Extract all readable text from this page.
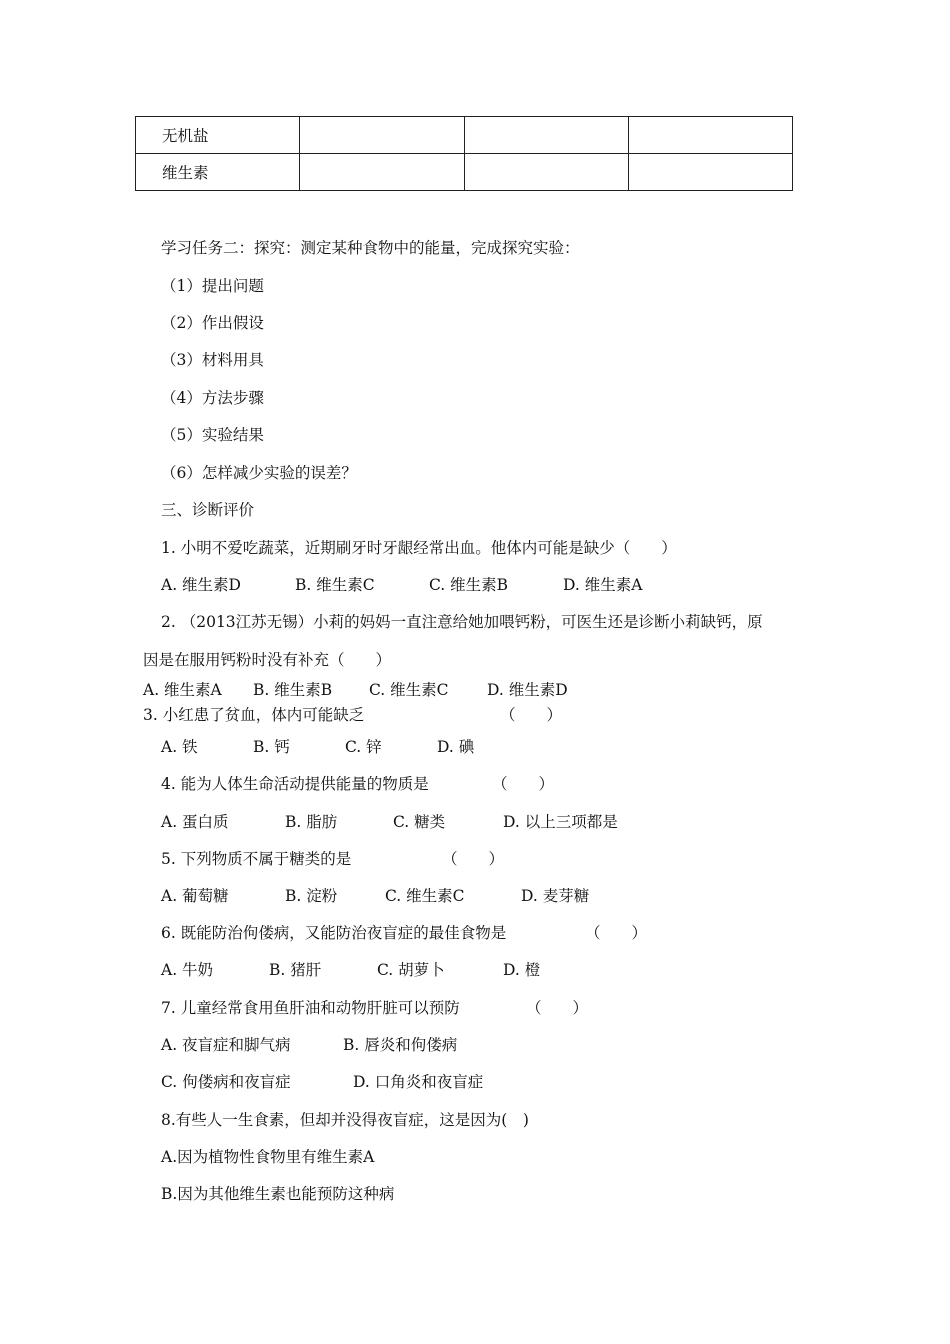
无机盐			
维生素			
学习任务二：探究：测定某种食物中的能量，完成探究实验：
（1）提出问题
（2）作出假设
（3）材料用具
（4）方法步骤
（5）实验结果
（6）怎样减少实验的误差？
三、诊断评价
1. 小明不爱吃蔬菜，近期刷牙时牙龈经常出血。他体内可能是缺少（　　）
A. 维生素D	B. 维生素C	C. 维生素B	D. 维生素A
2. （2013江苏无锡）小莉的妈妈一直注意给她加喂钙粉，可医生还是诊断小莉缺钙，原
因是在服用钙粉时没有补充（　　）
A. 维生素A B. 维生素B C. 维生素C D. 维生素D
3. 小红患了贫血，体内可能缺乏	（　　）
A. 铁	B. 钙	C. 锌	D. 碘
4. 能为人体生命活动提供能量的物质是	（　　）
A. 蛋白质	B. 脂肪	C. 糖类	D. 以上三项都是
5. 下列物质不属于糖类的是	（　　）
A. 葡萄糖	B. 淀粉	C. 维生素C	D. 麦芽糖
6. 既能防治佝偻病，又能防治夜盲症的最佳食物是	（　　）
A. 牛奶	B. 猪肝	C. 胡萝卜	D. 橙
7. 儿童经常食用鱼肝油和动物肝脏可以预防	（　　）
A. 夜盲症和脚气病	B. 唇炎和佝偻病
C. 佝偻病和夜盲症	D. 口角炎和夜盲症
8.有些人一生食素，但却并没得夜盲症，这是因为(　)
A.因为植物性食物里有维生素A
B.因为其他维生素也能预防这种病
